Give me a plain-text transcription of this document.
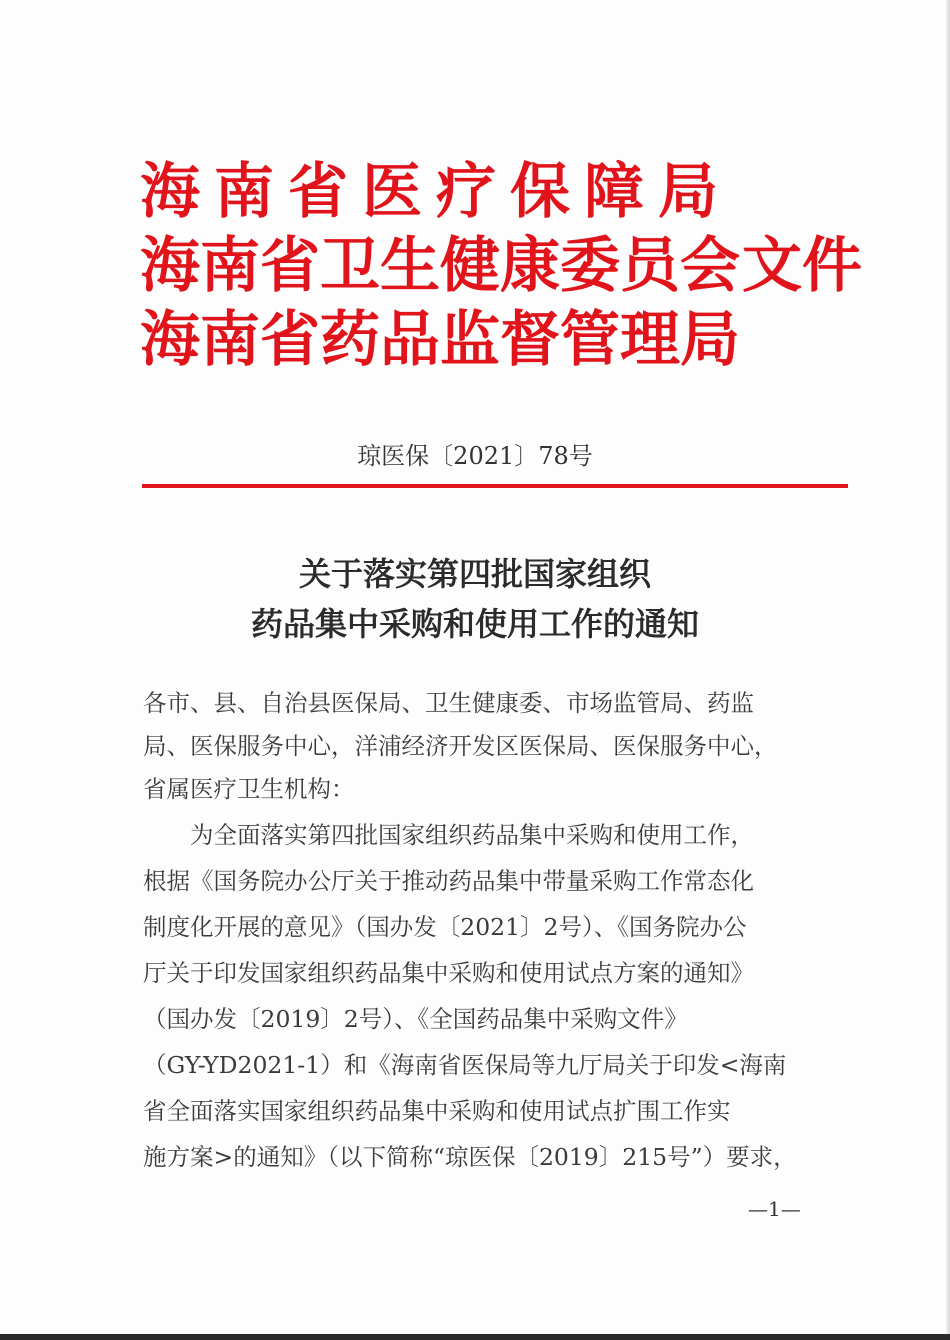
海南省医疗保障局
海南省卫生健康委员会
海南省药品监督管理局
文件
琼医保〔2021〕78号
关于落实第四批国家组织
药品集中采购和使用工作的通知
各市、县、自治县医保局、卫生健康委、市场监管局、药监
局、医保服务中心，洋浦经济开发区医保局、医保服务中心，
省属医疗卫生机构：
　　为全面落实第四批国家组织药品集中采购和使用工作，
根据《国务院办公厅关于推动药品集中带量采购工作常态化
制度化开展的意见》（国办发〔2021〕2号）、《国务院办公
厅关于印发国家组织药品集中采购和使用试点方案的通知》
（国办发〔2019〕2号）、《全国药品集中采购文件》
（GY-YD2021-1）和《海南省医保局等九厅局关于印发<海南
省全面落实国家组织药品集中采购和使用试点扩围工作实
施方案>的通知》（以下简称“琼医保〔2019〕215号”）要求，
—1—
